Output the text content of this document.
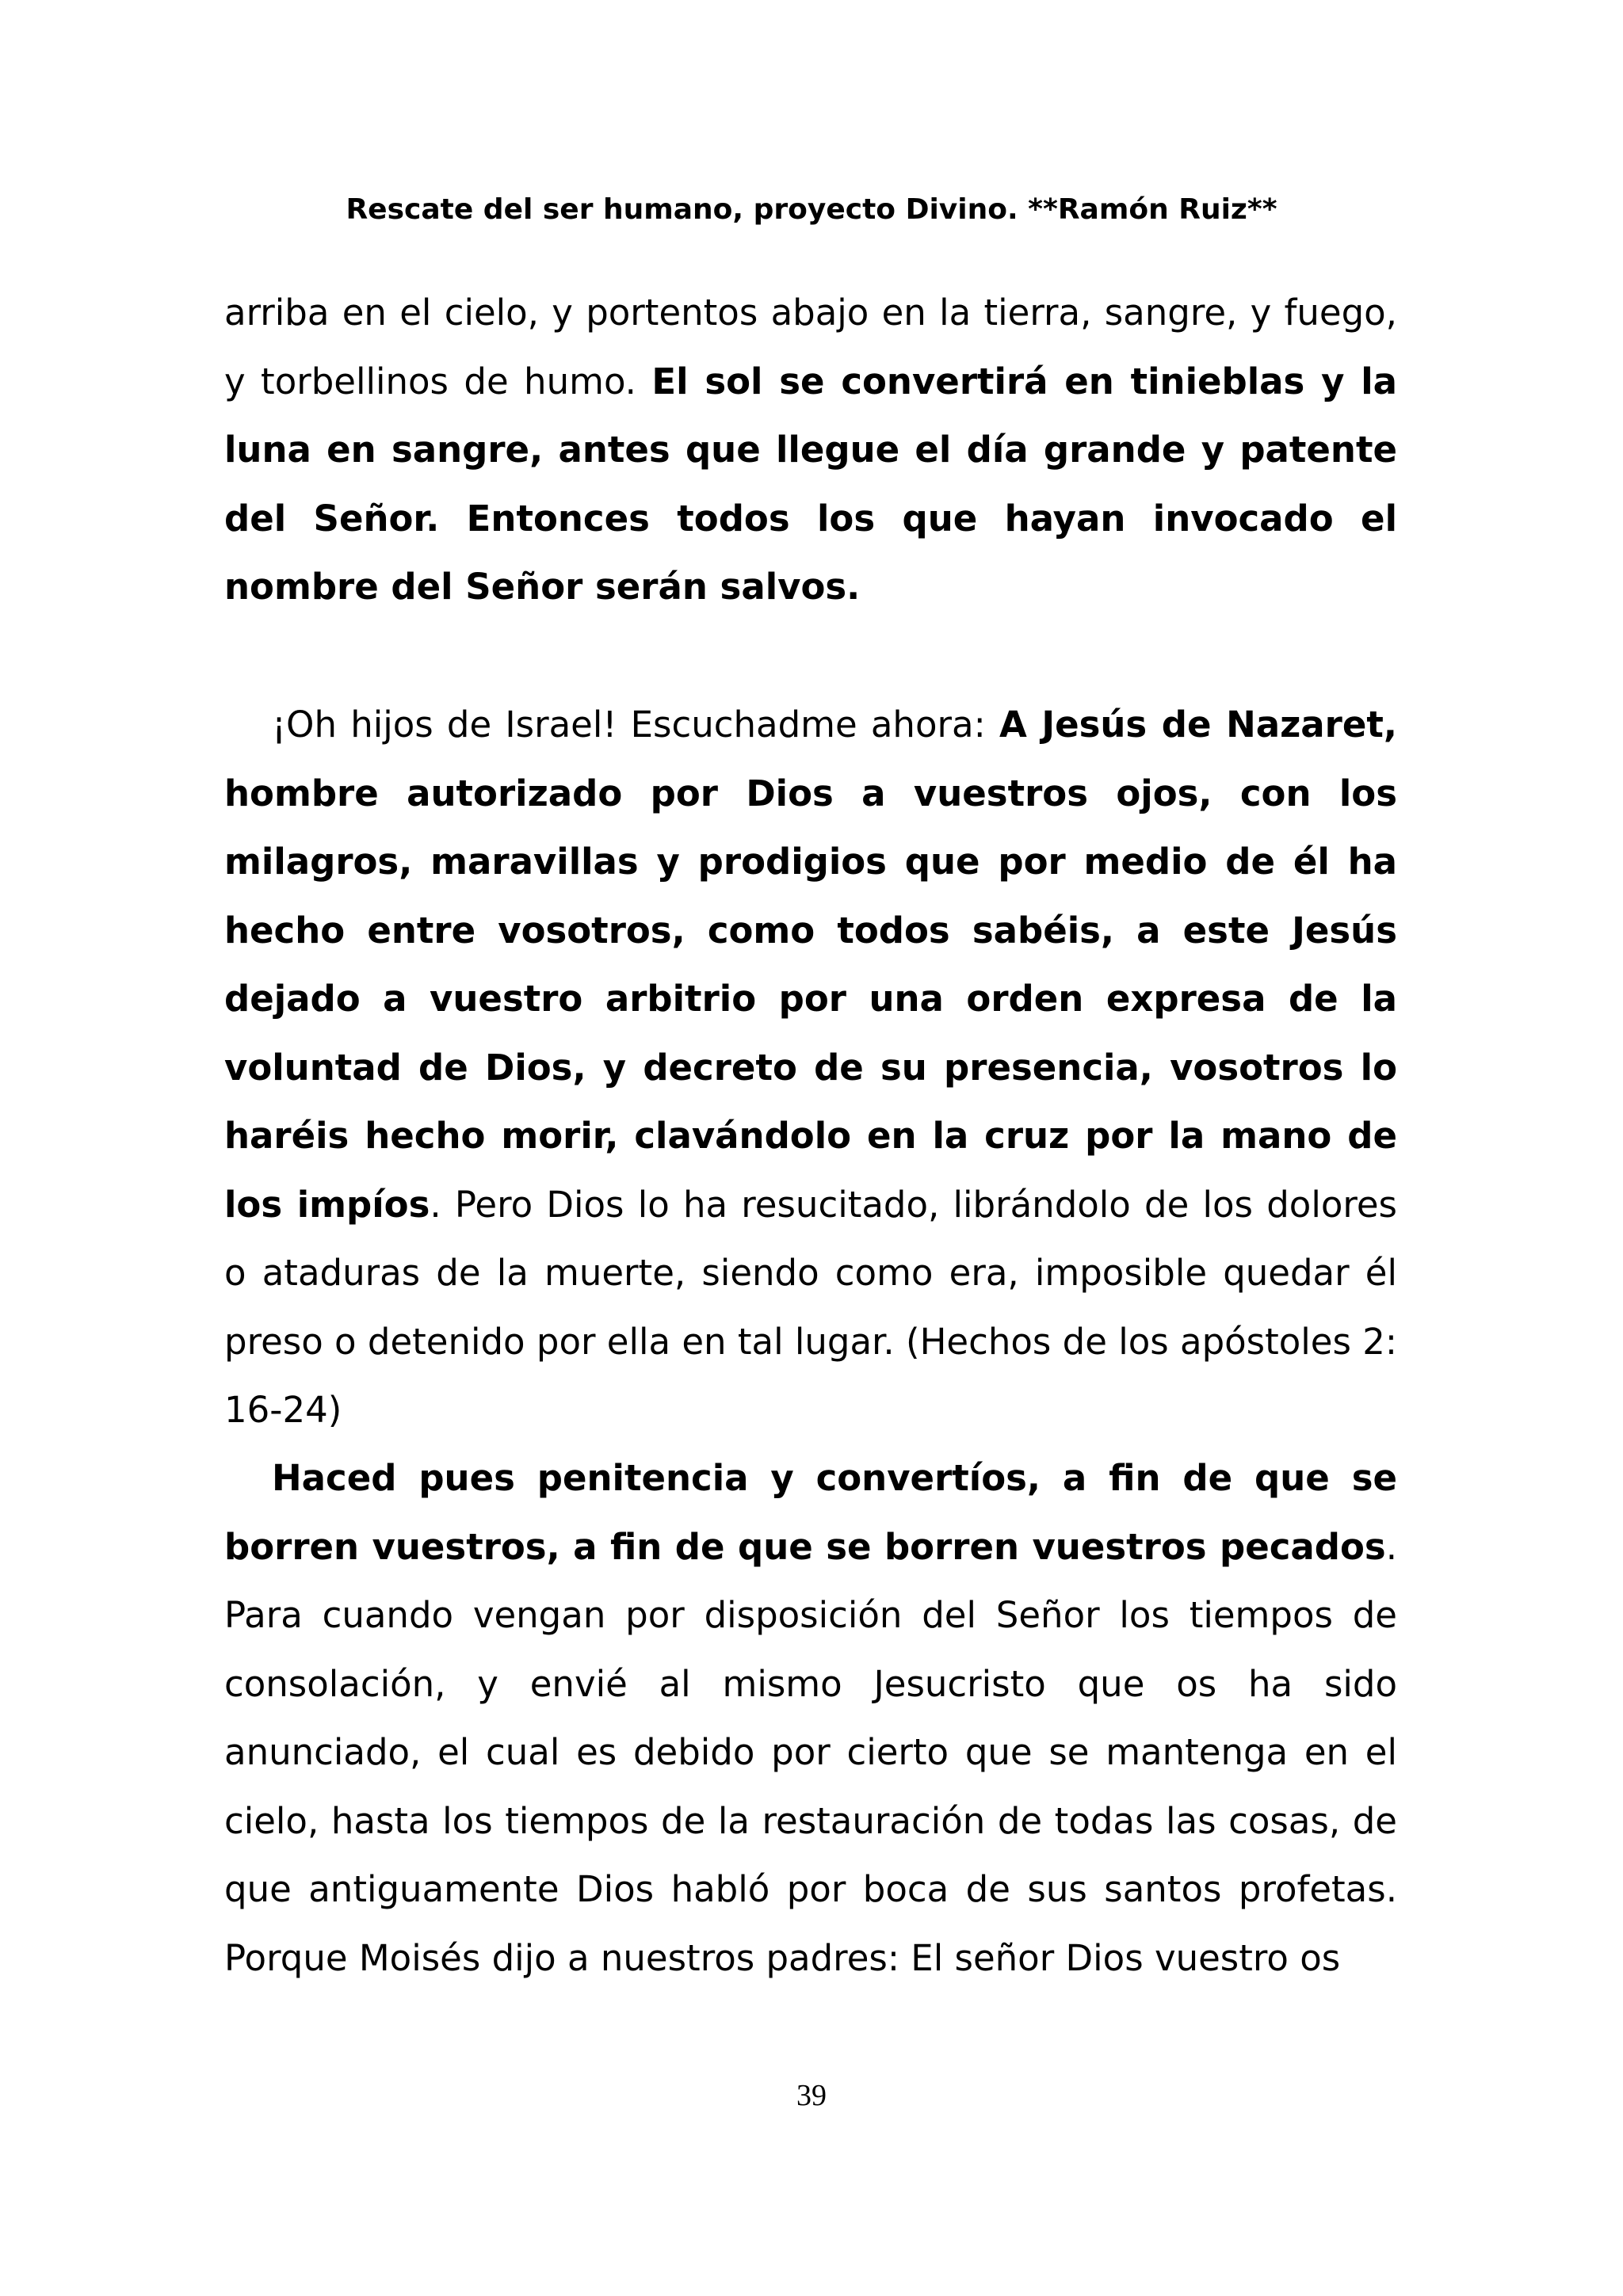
Rescate del ser humano, proyecto Divino. **Ramón Ruiz**

arriba en el cielo, y portentos abajo en la tierra, sangre, y fuego, y torbellinos de humo. El sol se convertirá en tinieblas y la luna en sangre, antes que llegue el día grande y patente del Señor. Entonces todos los que hayan invocado el nombre del Señor serán salvos.

¡Oh hijos de Israel! Escuchadme ahora: A Jesús de Nazaret, hombre autorizado por Dios a vuestros ojos, con los milagros, maravillas y prodigios que por medio de él ha hecho entre vosotros, como todos sabéis, a este Jesús dejado a vuestro arbitrio por una orden expresa de la voluntad de Dios, y decreto de su presencia, vosotros lo haréis hecho morir, clavándolo en la cruz por la mano de los impíos. Pero Dios lo ha resucitado, librándolo de los dolores o ataduras de la muerte, siendo como era, imposible quedar él preso o detenido por ella en tal lugar. (Hechos de los apóstoles 2: 16-24)

Haced pues penitencia y convertíos, a fin de que se borren vuestros, a fin de que se borren vuestros pecados. Para cuando vengan por disposición del Señor los tiempos de consolación, y envié al mismo Jesucristo que os ha sido anunciado, el cual es debido por cierto que se mantenga en el cielo, hasta los tiempos de la restauración de todas las cosas, de que antiguamente Dios habló por boca de sus santos profetas. Porque Moisés dijo a nuestros padres: El señor Dios vuestro os

39
